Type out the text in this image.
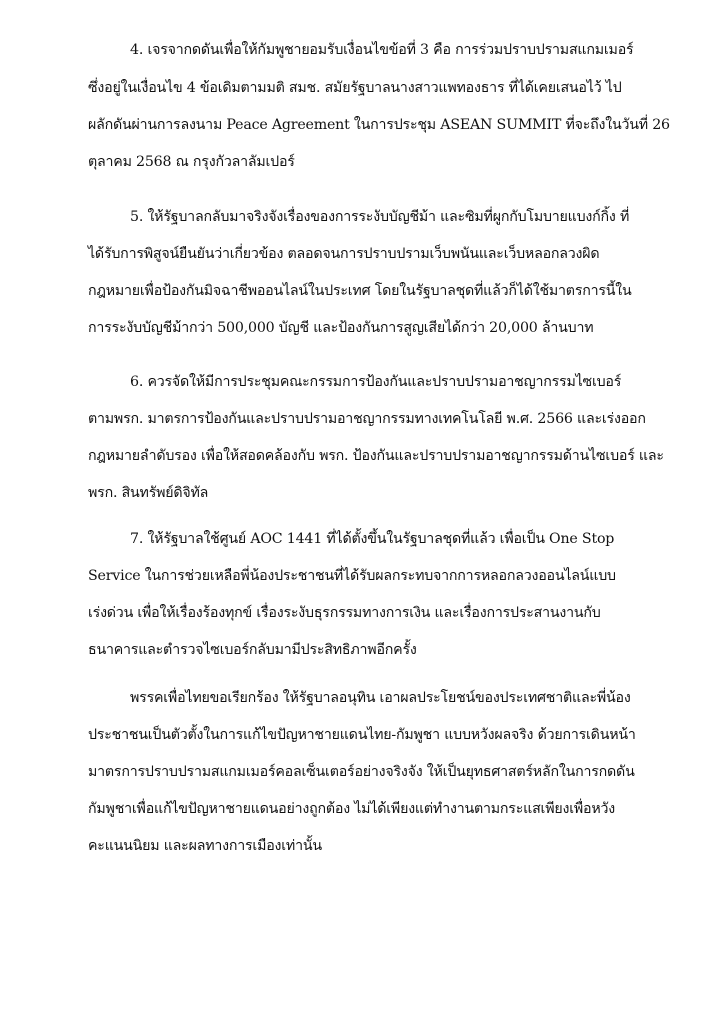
4. เจรจากดดันเพื่อให้กัมพูชายอมรับเงื่อนไขข้อที่ 3 คือ การร่วมปราบปรามสแกมเมอร์
ซึ่งอยู่ในเงื่อนไข 4 ข้อเดิมตามมติ สมช. สมัยรัฐบาลนางสาวแพทองธาร ที่ได้เคยเสนอไว้ ไป
ผลักดันผ่านการลงนาม Peace Agreement ในการประชุม ASEAN SUMMIT ที่จะถึงในวันที่ 26
ตุลาคม 2568 ณ กรุงกัวลาลัมเปอร์
5. ให้รัฐบาลกลับมาจริงจังเรื่องของการระงับบัญชีม้า และซิมที่ผูกกับโมบายแบงก์กิ้ง ที่
ได้รับการพิสูจน์ยืนยันว่าเกี่ยวข้อง ตลอดจนการปราบปรามเว็บพนันและเว็บหลอกลวงผิด
กฎหมายเพื่อป้องกันมิจฉาชีพออนไลน์ในประเทศ โดยในรัฐบาลชุดที่แล้วก็ได้ใช้มาตรการนี้ใน
การระงับบัญชีม้ากว่า 500,000 บัญชี และป้องกันการสูญเสียได้กว่า 20,000 ล้านบาท
6. ควรจัดให้มีการประชุมคณะกรรมการป้องกันและปราบปรามอาชญากรรมไซเบอร์
ตามพรก. มาตรการป้องกันและปราบปรามอาชญากรรมทางเทคโนโลยี พ.ศ. 2566 และเร่งออก
กฎหมายลำดับรอง เพื่อให้สอดคล้องกับ พรก. ป้องกันและปราบปรามอาชญากรรมด้านไซเบอร์ และ
พรก. สินทรัพย์ดิจิทัล
7. ให้รัฐบาลใช้ศูนย์ AOC 1441 ที่ได้ตั้งขึ้นในรัฐบาลชุดที่แล้ว เพื่อเป็น One Stop
Service ในการช่วยเหลือพี่น้องประชาชนที่ได้รับผลกระทบจากการหลอกลวงออนไลน์แบบ
เร่งด่วน เพื่อให้เรื่องร้องทุกข์ เรื่องระงับธุรกรรมทางการเงิน และเรื่องการประสานงานกับ
ธนาคารและตำรวจไซเบอร์กลับมามีประสิทธิภาพอีกครั้ง
พรรคเพื่อไทยขอเรียกร้อง ให้รัฐบาลอนุทิน เอาผลประโยชน์ของประเทศชาติและพี่น้อง
ประชาชนเป็นตัวตั้งในการแก้ไขปัญหาชายแดนไทย-กัมพูชา แบบหวังผลจริง ด้วยการเดินหน้า
มาตรการปราบปรามสแกมเมอร์คอลเซ็นเตอร์อย่างจริงจัง ให้เป็นยุทธศาสตร์หลักในการกดดัน
กัมพูชาเพื่อแก้ไขปัญหาชายแดนอย่างถูกต้อง ไม่ได้เพียงแต่ทำงานตามกระแสเพียงเพื่อหวัง
คะแนนนิยม และผลทางการเมืองเท่านั้น
